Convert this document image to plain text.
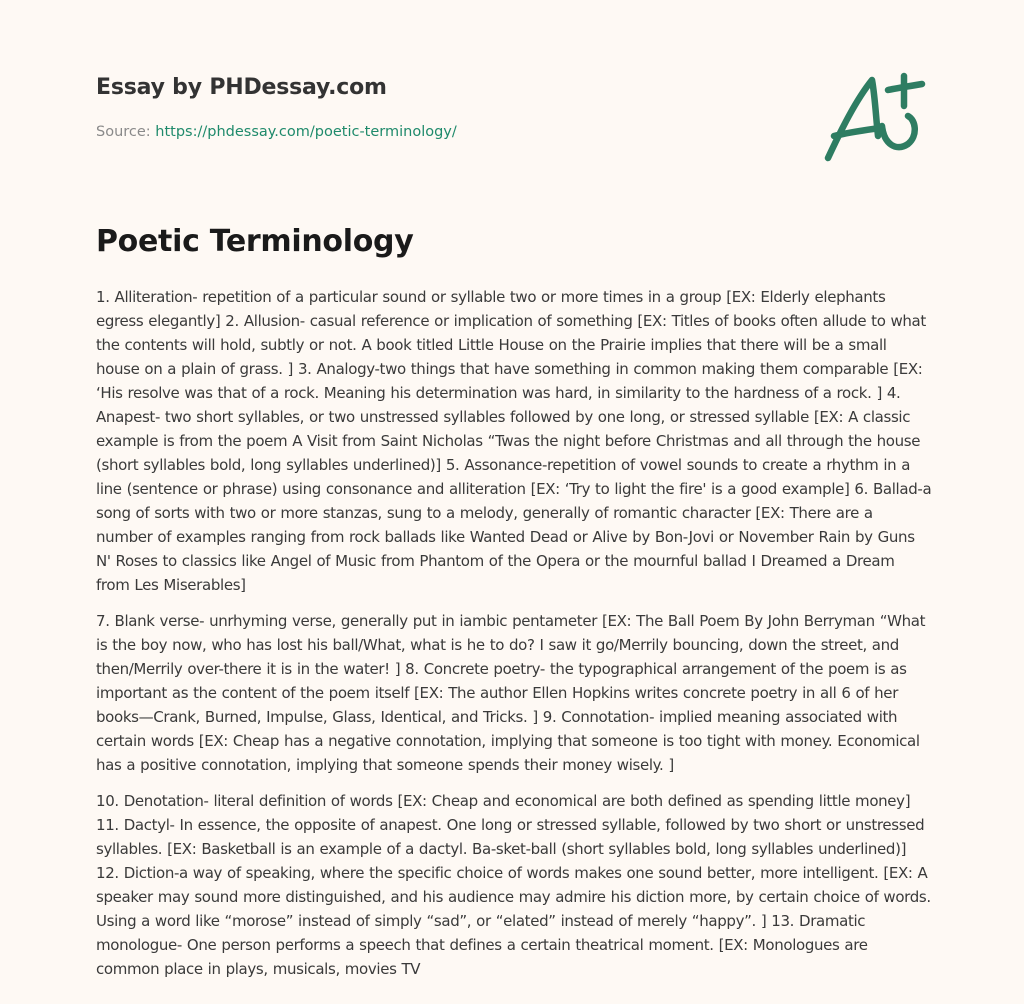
Essay by PHDessay.com
Source: https://phdessay.com/poetic-terminology/
Poetic Terminology

1. Alliteration- repetition of a particular sound or syllable two or more times in a group [EX: Elderly elephants egress elegantly] 2. Allusion- casual reference or implication of something [EX: Titles of books often allude to what the contents will hold, subtly or not. A book titled Little House on the Prairie implies that there will be a small house on a plain of grass. ] 3. Analogy-two things that have something in common making them comparable [EX: ‘His resolve was that of a rock. Meaning his determination was hard, in similarity to the hardness of a rock. ] 4. Anapest- two short syllables, or two unstressed syllables followed by one long, or stressed syllable [EX: A classic example is from the poem A Visit from Saint Nicholas “Twas the night before Christmas and all through the house (short syllables bold, long syllables underlined)] 5. Assonance-repetition of vowel sounds to create a rhythm in a line (sentence or phrase) using consonance and alliteration [EX: ‘Try to light the fire' is a good example] 6. Ballad-a song of sorts with two or more stanzas, sung to a melody, generally of romantic character [EX: There are a number of examples ranging from rock ballads like Wanted Dead or Alive by Bon-Jovi or November Rain by Guns N' Roses to classics like Angel of Music from Phantom of the Opera or the mournful ballad I Dreamed a Dream from Les Miserables]

7. Blank verse- unrhyming verse, generally put in iambic pentameter [EX: The Ball Poem By John Berryman “What is the boy now, who has lost his ball/What, what is he to do? I saw it go/Merrily bouncing, down the street, and then/Merrily over-there it is in the water! ] 8. Concrete poetry- the typographical arrangement of the poem is as important as the content of the poem itself [EX: The author Ellen Hopkins writes concrete poetry in all 6 of her books—Crank, Burned, Impulse, Glass, Identical, and Tricks. ] 9. Connotation- implied meaning associated with certain words [EX: Cheap has a negative connotation, implying that someone is too tight with money. Economical has a positive connotation, implying that someone spends their money wisely. ]

10. Denotation- literal definition of words [EX: Cheap and economical are both defined as spending little money] 11. Dactyl- In essence, the opposite of anapest. One long or stressed syllable, followed by two short or unstressed syllables. [EX: Basketball is an example of a dactyl. Ba-sket-ball (short syllables bold, long syllables underlined)] 12. Diction-a way of speaking, where the specific choice of words makes one sound better, more intelligent. [EX: A speaker may sound more distinguished, and his audience may admire his diction more, by certain choice of words. Using a word like “morose” instead of simply “sad”, or “elated” instead of merely “happy”. ] 13. Dramatic monologue- One person performs a speech that defines a certain theatrical moment. [EX: Monologues are common place in plays, musicals, movies TV
